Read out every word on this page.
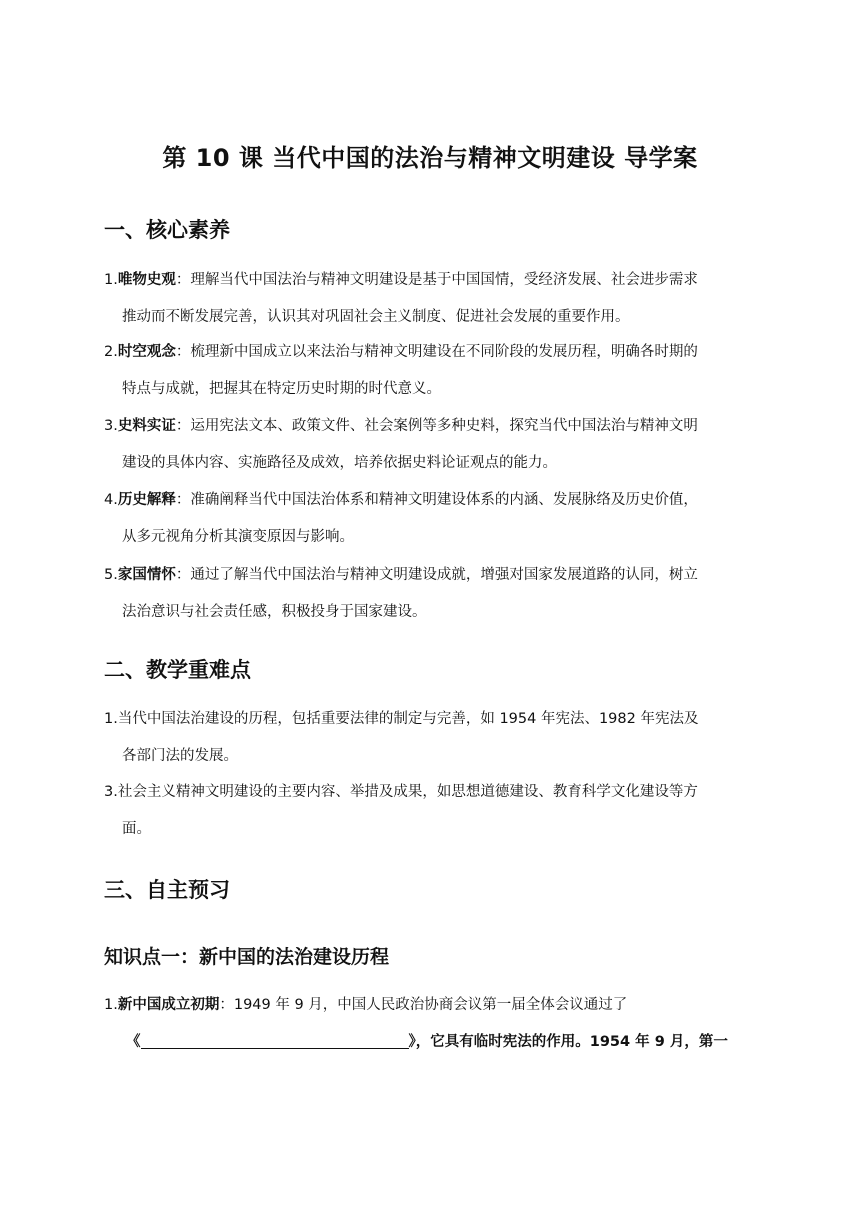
第 10 课 当代中国的法治与精神文明建设 导学案
一、核心素养
1.唯物史观：理解当代中国法治与精神文明建设是基于中国国情，受经济发展、社会进步需求
推动而不断发展完善，认识其对巩固社会主义制度、促进社会发展的重要作用。
2.时空观念：梳理新中国成立以来法治与精神文明建设在不同阶段的发展历程，明确各时期的
特点与成就，把握其在特定历史时期的时代意义。
3.史料实证：运用宪法文本、政策文件、社会案例等多种史料，探究当代中国法治与精神文明
建设的具体内容、实施路径及成效，培养依据史料论证观点的能力。
4.历史解释：准确阐释当代中国法治体系和精神文明建设体系的内涵、发展脉络及历史价值，
从多元视角分析其演变原因与影响。
5.家国情怀：通过了解当代中国法治与精神文明建设成就，增强对国家发展道路的认同，树立
法治意识与社会责任感，积极投身于国家建设。
二、教学重难点
1.当代中国法治建设的历程，包括重要法律的制定与完善，如 1954 年宪法、1982 年宪法及
各部门法的发展。
3.社会主义精神文明建设的主要内容、举措及成果，如思想道德建设、教育科学文化建设等方
面。
三、自主预习
知识点一：新中国的法治建设历程
1.新中国成立初期：1949 年 9 月，中国人民政治协商会议第一届全体会议通过了
《	》，它具有临时宪法的作用。1954 年 9 月，第一
